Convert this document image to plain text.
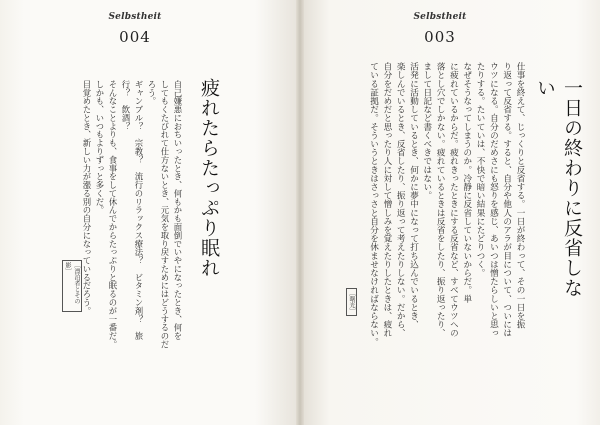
Selbstheit
004
疲れたらたっぷり眠れ
自己嫌悪におちいったとき、何もかも面倒でいやになったとき、何を
してもくたびれて仕方ないとき、元気を取り戻すためにはどうするのだ
ろう。
ギャンブル？　宗教？　流行のリラックス療法？　ビタミン剤？　旅
行？　飲酒？
そんなことよりも、食事をして休んでからたっぷりと眠るのが一番だ。
しかも、いつもよりずっと多くだ。
目覚めたとき、新しい力が漲る別の自分になっているだろう。
［漂泊者とその影］
Selbstheit
003
一日の終わりに反省しない
仕事を終えて、じっくりと反省する。一日が終わって、その一日を振
り返って反省する。すると、自分や他人のアラが目について、ついには
ウツになる。自分のだめさにも怒りを感じ、あいつは憎たらしいと思っ
たりする。たいていは、不快で暗い結果にたどりつく。
なぜそうなってしまうのか。冷静に反省していないからだ。単
に疲れているからだ。疲れきったときにする反省など、すべてウツへの
落とし穴でしかない。疲れているときは反省をしたり、振り返ったり、
まして日記など書くべきではない。
活発に活動しているとき、何かに夢中になって打ち込んでいるとき、
楽しんでいるとき、反省したり、振り返って考えたりしない。だから、
自分をだめだと思ったり人に対して憎しみを覚えたりしたときは、疲れ
ている証拠だ。そういうときはさっさと自分を休ませなければならない。
［曙光］
